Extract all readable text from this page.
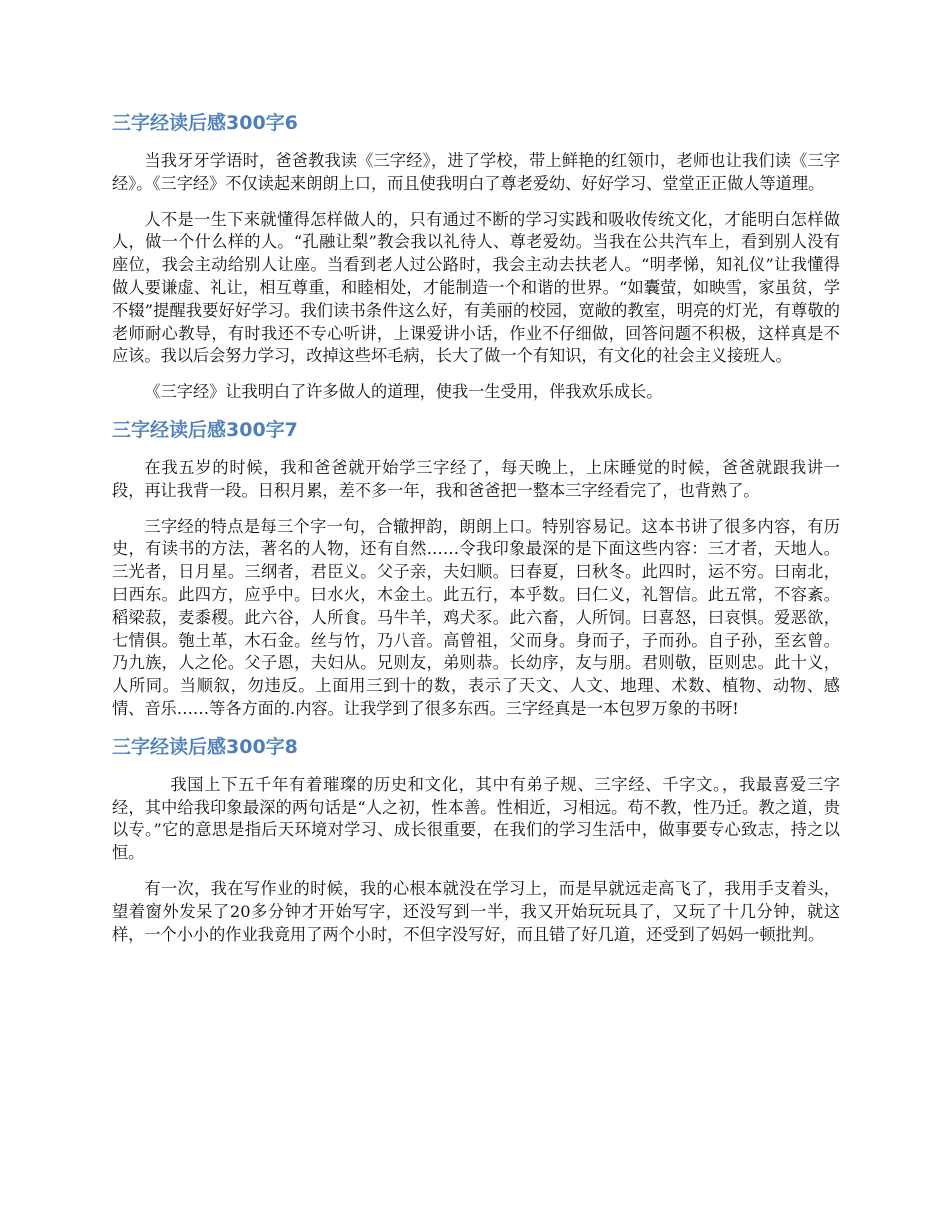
三字经读后感300字6

当我牙牙学语时，爸爸教我读《三字经》，进了学校，带上鲜艳的红领巾，老师也让我们读《三字经》。《三字经》不仅读起来朗朗上口，而且使我明白了尊老爱幼、好好学习、堂堂正正做人等道理。

人不是一生下来就懂得怎样做人的，只有通过不断的学习实践和吸收传统文化，才能明白怎样做人，做一个什么样的人。“孔融让梨”教会我以礼待人、尊老爱幼。当我在公共汽车上，看到别人没有座位，我会主动给别人让座。当看到老人过公路时，我会主动去扶老人。“明孝悌，知礼仪”让我懂得做人要谦虚、礼让，相互尊重，和睦相处，才能制造一个和谐的世界。“如囊萤，如映雪，家虽贫，学不辍”提醒我要好好学习。我们读书条件这么好，有美丽的校园，宽敞的教室，明亮的灯光，有尊敬的老师耐心教导，有时我还不专心听讲，上课爱讲小话，作业不仔细做，回答问题不积极，这样真是不应该。我以后会努力学习，改掉这些坏毛病，长大了做一个有知识，有文化的社会主义接班人。

《三字经》让我明白了许多做人的道理，使我一生受用，伴我欢乐成长。

三字经读后感300字7

在我五岁的时候，我和爸爸就开始学三字经了，每天晚上，上床睡觉的时候，爸爸就跟我讲一段，再让我背一段。日积月累，差不多一年，我和爸爸把一整本三字经看完了，也背熟了。

三字经的特点是每三个字一句，合辙押韵，朗朗上口。特别容易记。这本书讲了很多内容，有历史，有读书的方法，著名的人物，还有自然……令我印象最深的是下面这些内容：三才者，天地人。三光者，日月星。三纲者，君臣义。父子亲，夫妇顺。曰春夏，曰秋冬。此四时，运不穷。曰南北，曰西东。此四方，应乎中。曰水火，木金土。此五行，本乎数。曰仁义，礼智信。此五常，不容紊。稻梁菽，麦黍稷。此六谷，人所食。马牛羊，鸡犬豕。此六畜，人所饲。曰喜怒，曰哀惧。爱恶欲，七情俱。匏土革，木石金。丝与竹，乃八音。高曾祖，父而身。身而子，子而孙。自子孙，至玄曾。乃九族，人之伦。父子恩，夫妇从。兄则友，弟则恭。长幼序，友与朋。君则敬，臣则忠。此十义，人所同。当顺叙，勿违反。上面用三到十的数，表示了天文、人文、地理、术数、植物、动物、感情、音乐……等各方面的.内容。让我学到了很多东西。三字经真是一本包罗万象的书呀!

三字经读后感300字8

我国上下五千年有着璀璨的历史和文化，其中有弟子规、三字经、千字文。，我最喜爱三字经，其中给我印象最深的两句话是“人之初，性本善。性相近，习相远。苟不教，性乃迁。教之道，贵以专。”它的意思是指后天环境对学习、成长很重要，在我们的学习生活中，做事要专心致志，持之以恒。

有一次，我在写作业的时候，我的心根本就没在学习上，而是早就远走高飞了，我用手支着头，望着窗外发呆了20多分钟才开始写字，还没写到一半，我又开始玩玩具了，又玩了十几分钟，就这样，一个小小的作业我竟用了两个小时，不但字没写好，而且错了好几道，还受到了妈妈一顿批判。
